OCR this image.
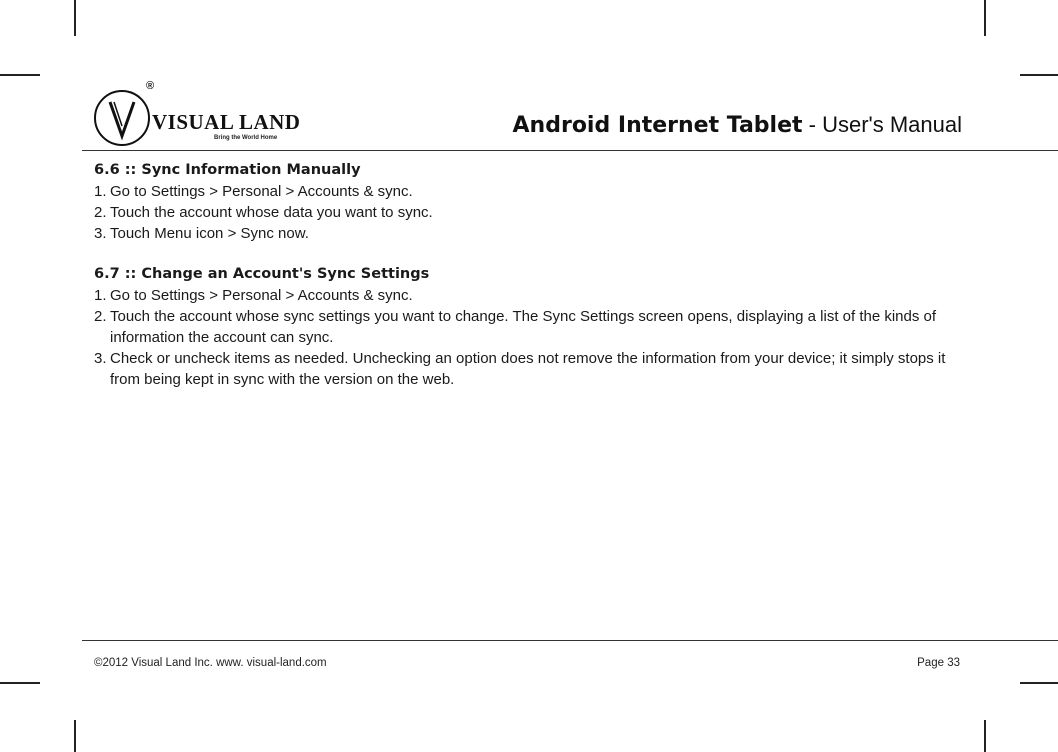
®
VISUAL LAND
Bring the World Home	Android Internet Tablet - User's Manual
6.6 :: Sync Information Manually
1. Go to Settings > Personal > Accounts & sync.
2. Touch the account whose data you want to sync.
3. Touch Menu icon > Sync now.
6.7 :: Change an Account's Sync Settings
1. Go to Settings > Personal > Accounts & sync.
2. Touch the account whose sync settings you want to change. The Sync Settings screen opens, displaying a list of the kinds of information the account can sync.
3. Check or uncheck items as needed. Unchecking an option does not remove the information from your device; it simply stops it from being kept in sync with the version on the web.
©2012 Visual Land Inc. www. visual-land.com	Page 33
